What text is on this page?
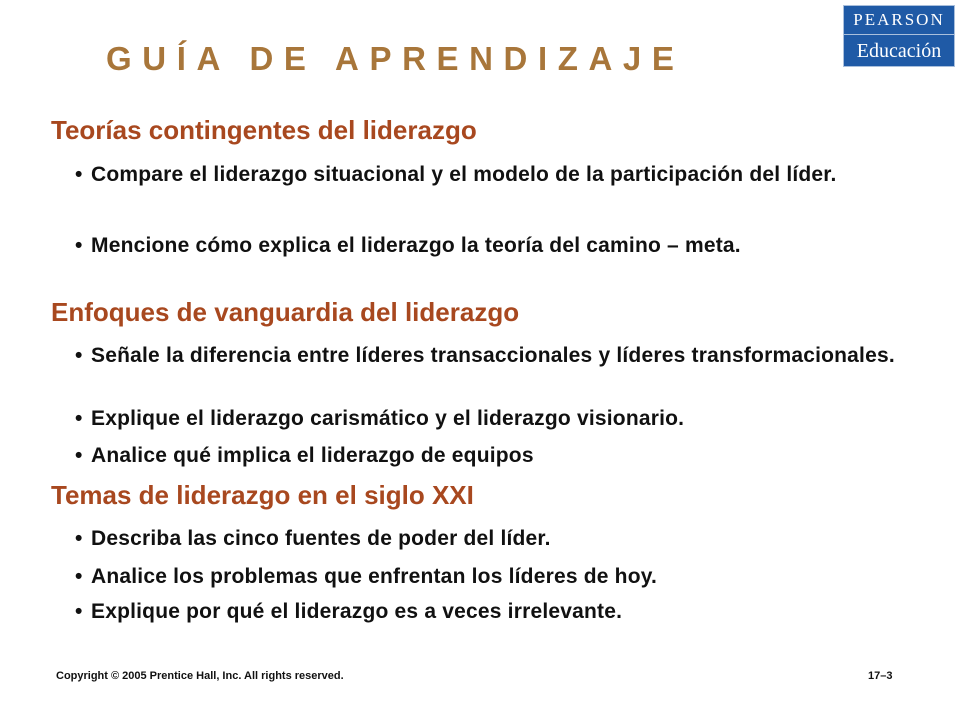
PEARSON
Educación
GUÍA DE APRENDIZAJE
Teorías contingentes del liderazgo

• Compare el liderazgo situacional y el modelo de la participación del líder.

• Mencione cómo explica el liderazgo la teoría del camino – meta.

Enfoques de vanguardia del liderazgo

• Señale la diferencia entre líderes transaccionales y líderes transformacionales.

• Explique el liderazgo carismático y el liderazgo visionario.

• Analice qué implica el liderazgo de equipos

Temas de liderazgo en el siglo XXI

• Describa las cinco fuentes de poder del líder.

• Analice los problemas que enfrentan los líderes de hoy.

• Explique por qué el liderazgo es a veces irrelevante.

Copyright © 2005 Prentice Hall, Inc. All rights reserved.	17–3
